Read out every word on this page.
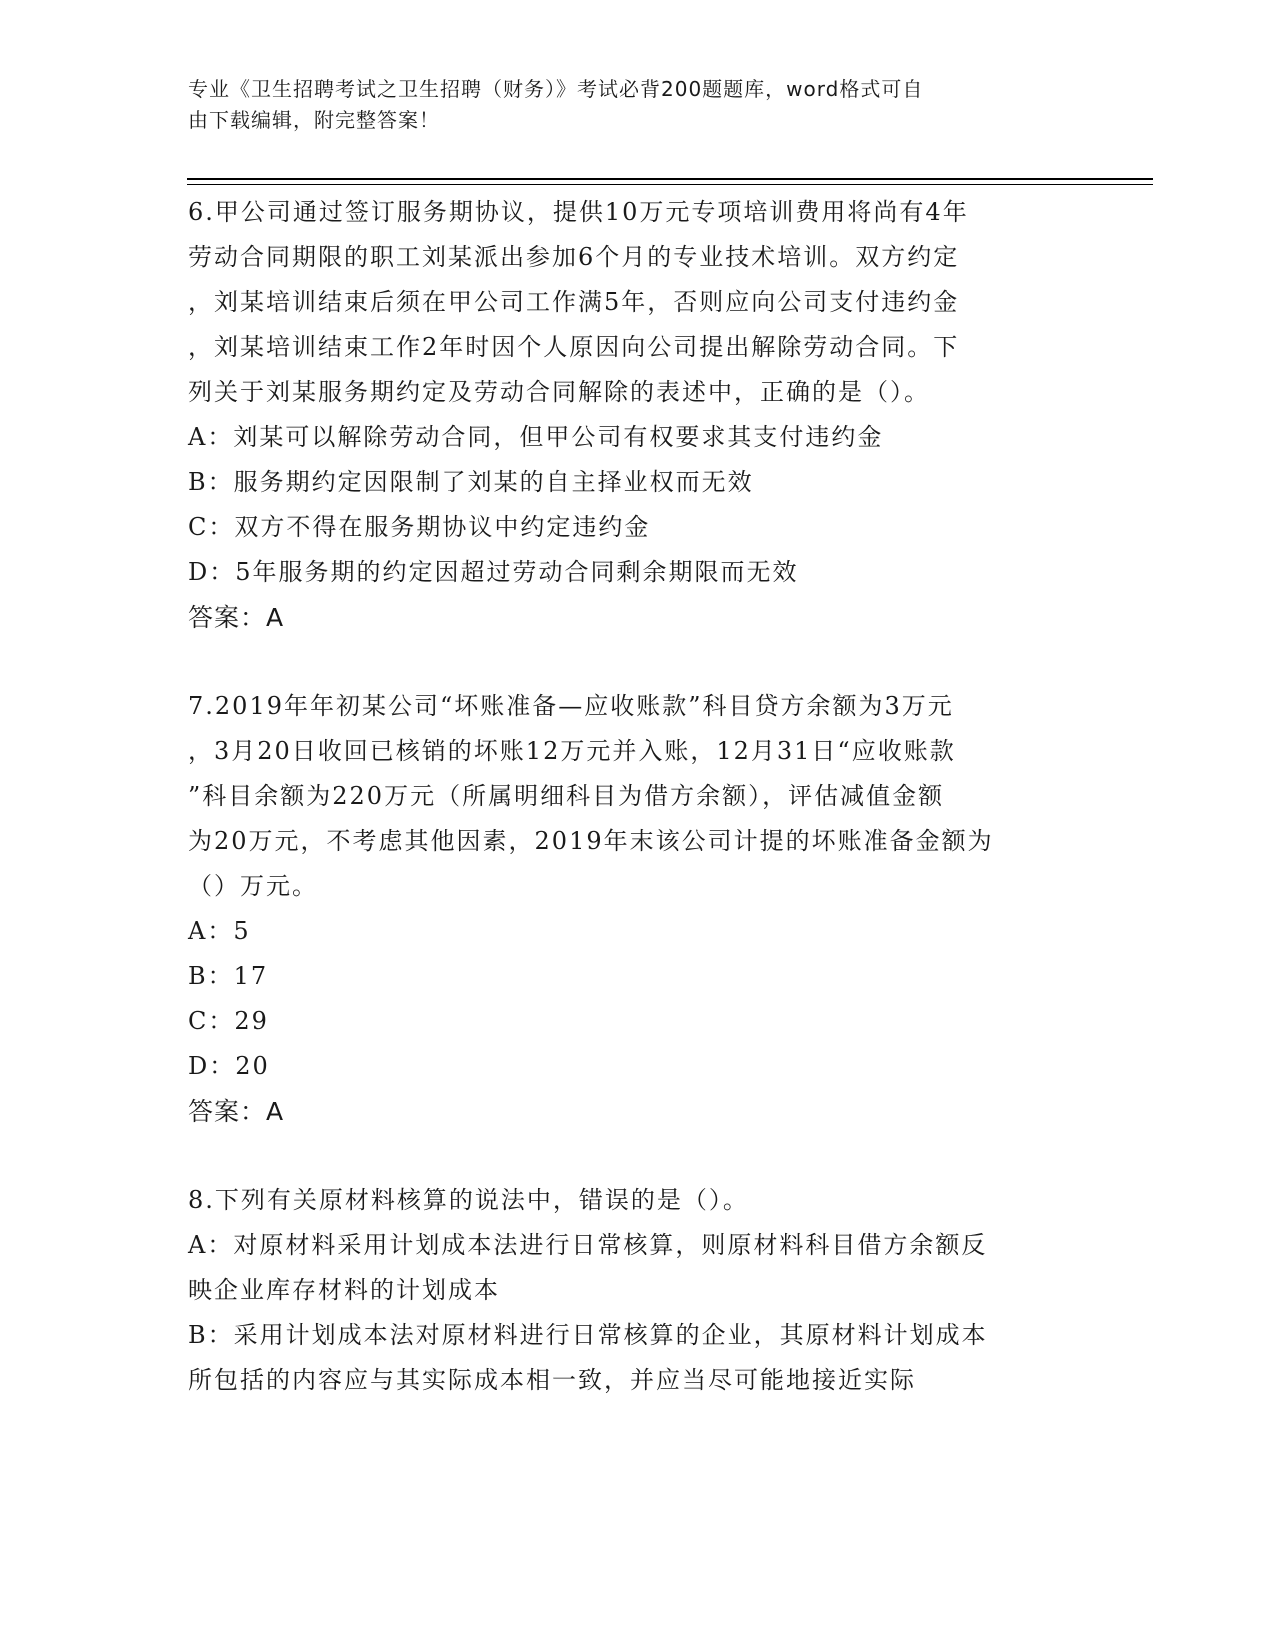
专业《卫生招聘考试之卫生招聘（财务）》考试必背200题题库，word格式可自
由下载编辑，附完整答案！
6.甲公司通过签订服务期协议，提供10万元专项培训费用将尚有4年
劳动合同期限的职工刘某派出参加6个月的专业技术培训。双方约定
，刘某培训结束后须在甲公司工作满5年，否则应向公司支付违约金
，刘某培训结束工作2年时因个人原因向公司提出解除劳动合同。下
列关于刘某服务期约定及劳动合同解除的表述中，正确的是（）。
A：刘某可以解除劳动合同，但甲公司有权要求其支付违约金
B：服务期约定因限制了刘某的自主择业权而无效
C：双方不得在服务期协议中约定违约金
D：5年服务期的约定因超过劳动合同剩余期限而无效
答案：A
7.2019年年初某公司“坏账准备—应收账款”科目贷方余额为3万元
，3月20日收回已核销的坏账12万元并入账，12月31日“应收账款
”科目余额为220万元（所属明细科目为借方余额），评估减值金额
为20万元，不考虑其他因素，2019年末该公司计提的坏账准备金额为
（）万元。
A：5
B：17
C：29
D：20
答案：A
8.下列有关原材料核算的说法中，错误的是（）。
A：对原材料采用计划成本法进行日常核算，则原材料科目借方余额反
映企业库存材料的计划成本
B：采用计划成本法对原材料进行日常核算的企业，其原材料计划成本
所包括的内容应与其实际成本相一致，并应当尽可能地接近实际
